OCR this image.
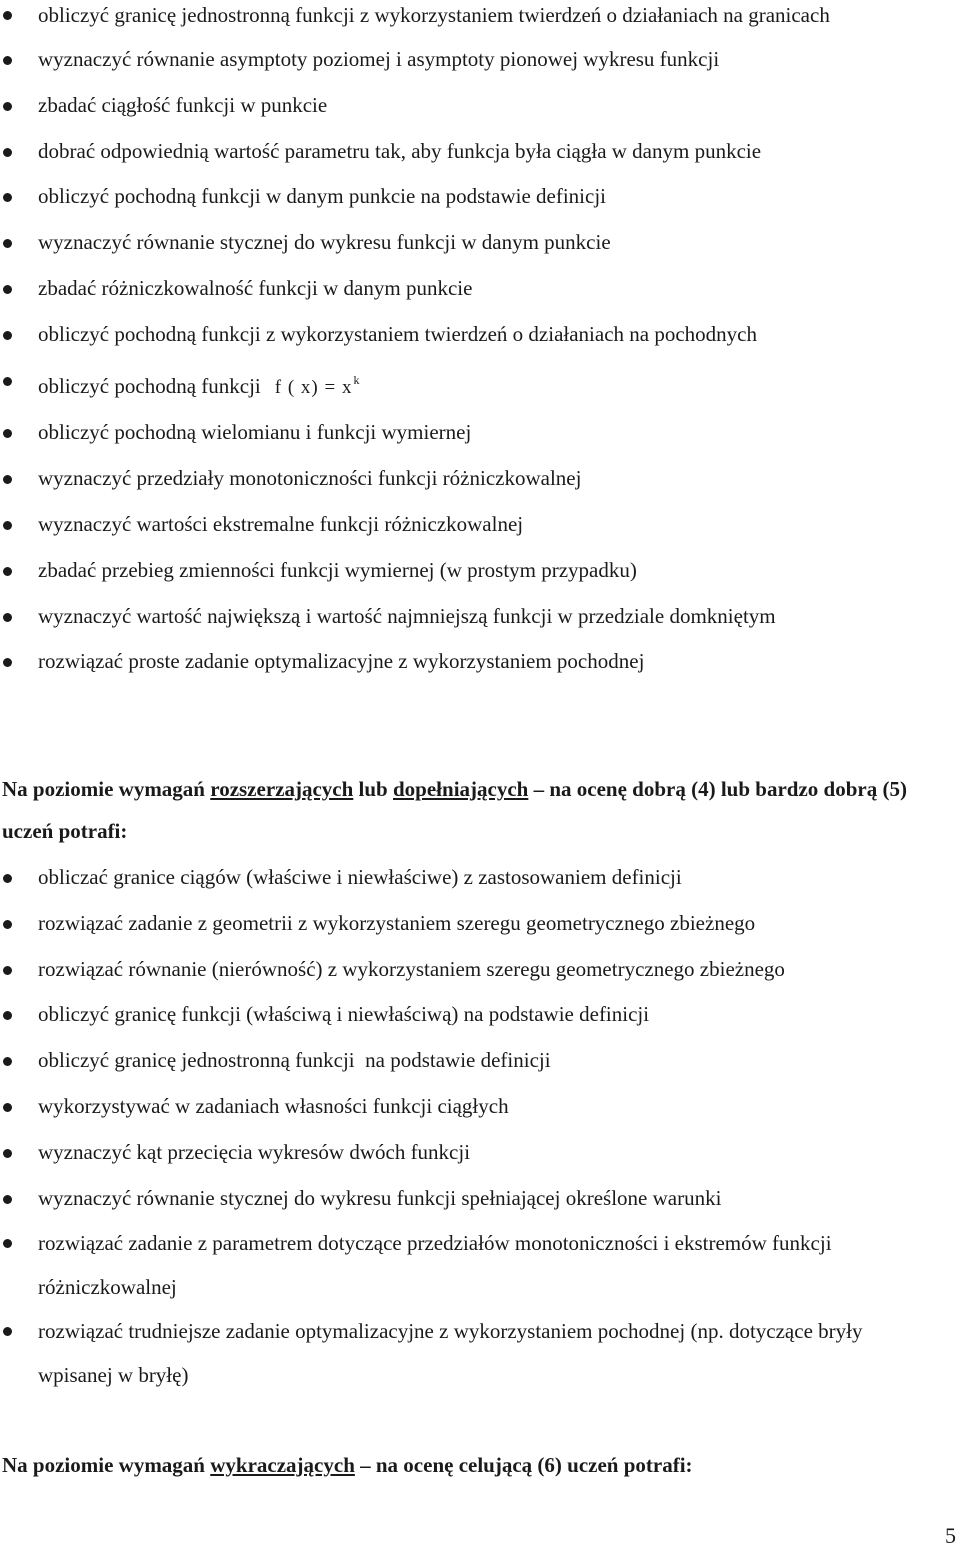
obliczyć granicę jednostronną funkcji z wykorzystaniem twierdzeń o działaniach na granicach
wyznaczyć równanie asymptoty poziomej i asymptoty pionowej wykresu funkcji
zbadać ciągłość funkcji w punkcie
dobrać odpowiednią wartość parametru tak, aby funkcja była ciągła w danym punkcie
obliczyć pochodną funkcji w danym punkcie na podstawie definicji
wyznaczyć równanie stycznej do wykresu funkcji w danym punkcie
zbadać różniczkowalność funkcji w danym punkcie
obliczyć pochodną funkcji z wykorzystaniem twierdzeń o działaniach na pochodnych
obliczyć pochodną funkcji f ( $x) = x^k$
obliczyć pochodną wielomianu i funkcji wymiernej
wyznaczyć przedziały monotoniczności funkcji różniczkowalnej
wyznaczyć wartości ekstremalne funkcji różniczkowalnej
zbadać przebieg zmienności funkcji wymiernej (w prostym przypadku)
wyznaczyć wartość największą i wartość najmniejszą funkcji w przedziale domkniętym
rozwiązać proste zadanie optymalizacyjne z wykorzystaniem pochodnej
Na poziomie wymagań rozszerzających lub dopełniających – na ocenę dobrą (4) lub bardzo dobrą (5) uczeń potrafi:
obliczać granice ciągów (właściwe i niewłaściwe) z zastosowaniem definicji
rozwiązać zadanie z geometrii z wykorzystaniem szeregu geometrycznego zbieżnego
rozwiązać równanie (nierówność) z wykorzystaniem szeregu geometrycznego zbieżnego
obliczyć granicę funkcji (właściwą i niewłaściwą) na podstawie definicji
obliczyć granicę jednostronną funkcji  na podstawie definicji
wykorzystywać w zadaniach własności funkcji ciągłych
wyznaczyć kąt przecięcia wykresów dwóch funkcji
wyznaczyć równanie stycznej do wykresu funkcji spełniającej określone warunki
rozwiązać zadanie z parametrem dotyczące przedziałów monotoniczności i ekstremów funkcji różniczkowalnej
rozwiązać trudniejsze zadanie optymalizacyjne z wykorzystaniem pochodnej (np. dotyczące bryły wpisanej w bryłę)
Na poziomie wymagań wykraczających – na ocenę celującą (6) uczeń potrafi:
5
